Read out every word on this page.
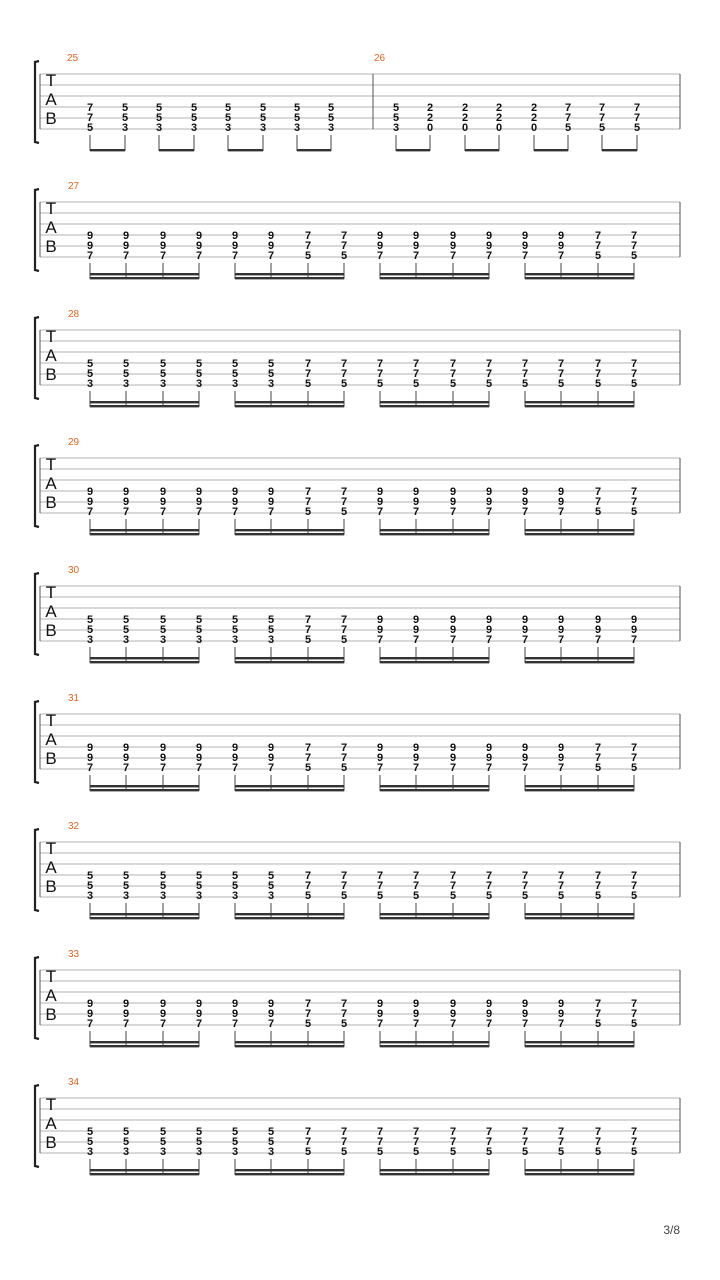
T
A
B
25
7
7
5
5
5
3
5
5
3
5
5
3
5
5
3
5
5
3
5
5
3
5
5
3
26
5
5
3
2
2
0
2
2
0
2
2
0
2
2
0
7
7
5
7
7
5
7
7
5
T
A
B
27
9
9
7
9
9
7
9
9
7
9
9
7
9
9
7
9
9
7
7
7
5
7
7
5
9
9
7
9
9
7
9
9
7
9
9
7
9
9
7
9
9
7
7
7
5
7
7
5
T
A
B
28
5
5
3
5
5
3
5
5
3
5
5
3
5
5
3
5
5
3
7
7
5
7
7
5
7
7
5
7
7
5
7
7
5
7
7
5
7
7
5
7
7
5
7
7
5
7
7
5
T
A
B
29
9
9
7
9
9
7
9
9
7
9
9
7
9
9
7
9
9
7
7
7
5
7
7
5
9
9
7
9
9
7
9
9
7
9
9
7
9
9
7
9
9
7
7
7
5
7
7
5
T
A
B
30
5
5
3
5
5
3
5
5
3
5
5
3
5
5
3
5
5
3
7
7
5
7
7
5
9
9
7
9
9
7
9
9
7
9
9
7
9
9
7
9
9
7
9
9
7
9
9
7
T
A
B
31
9
9
7
9
9
7
9
9
7
9
9
7
9
9
7
9
9
7
7
7
5
7
7
5
9
9
7
9
9
7
9
9
7
9
9
7
9
9
7
9
9
7
7
7
5
7
7
5
T
A
B
32
5
5
3
5
5
3
5
5
3
5
5
3
5
5
3
5
5
3
7
7
5
7
7
5
7
7
5
7
7
5
7
7
5
7
7
5
7
7
5
7
7
5
7
7
5
7
7
5
T
A
B
33
9
9
7
9
9
7
9
9
7
9
9
7
9
9
7
9
9
7
7
7
5
7
7
5
9
9
7
9
9
7
9
9
7
9
9
7
9
9
7
9
9
7
7
7
5
7
7
5
T
A
B
34
5
5
3
5
5
3
5
5
3
5
5
3
5
5
3
5
5
3
7
7
5
7
7
5
7
7
5
7
7
5
7
7
5
7
7
5
7
7
5
7
7
5
7
7
5
7
7
5
3/8
